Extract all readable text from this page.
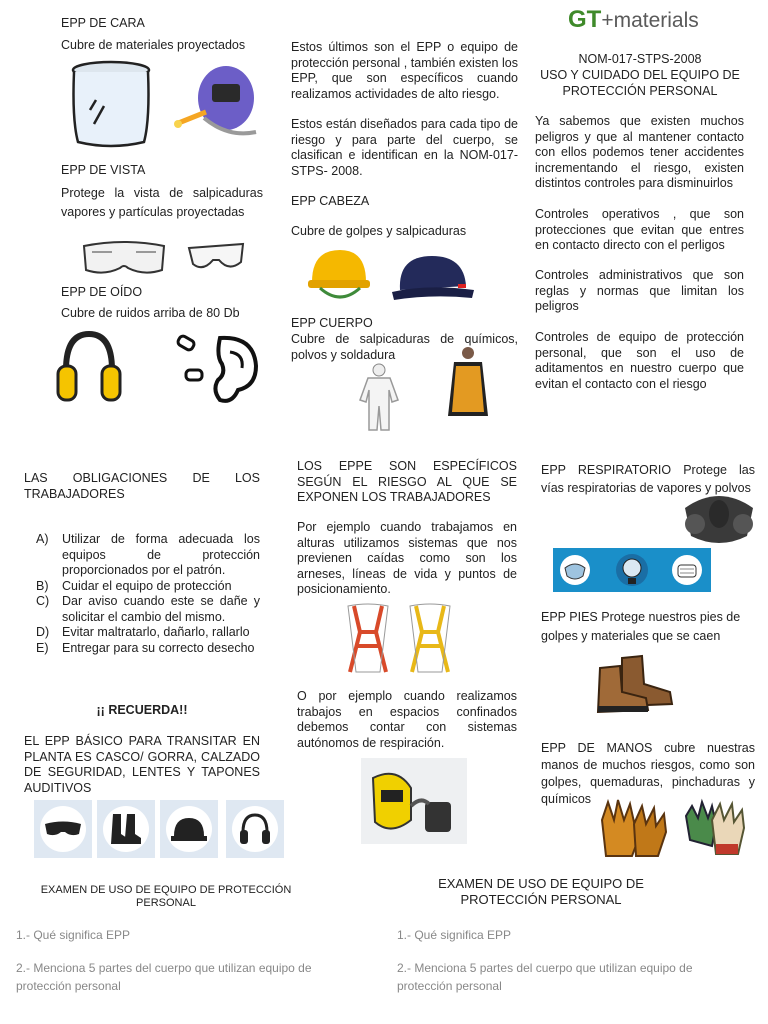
GT+materials
EPP DE CARA
Cubre de materiales proyectados
EPP DE VISTA
Protege la vista de salpicaduras vapores y partículas proyectadas
EPP DE OÍDO
Cubre de ruidos arriba de 80 Db
Estos últimos son el EPP o equipo de protección personal , también existen los EPP, que son específicos cuando realizamos actividades de alto riesgo.
Estos están diseñados para cada tipo de riesgo y para parte del cuerpo, se clasifican e identifican en la NOM-017-STPS- 2008.
EPP CABEZA
Cubre de golpes y salpicaduras
EPP CUERPO
Cubre de salpicaduras de químicos, polvos y soldadura
NOM-017-STPS-2008
USO Y CUIDADO DEL EQUIPO DE PROTECCIÓN PERSONAL
Ya sabemos que existen muchos peligros y que al mantener contacto con ellos podemos tener accidentes incrementando el riesgo, existen distintos controles para disminuirlos
Controles operativos , que son protecciones que evitan que entres en contacto directo con el perligos
Controles administrativos que son reglas y normas que limitan los peligros
Controles de equipo de protección personal, que son el uso de aditamentos en nuestro cuerpo que evitan el contacto con el riesgo
LAS OBLIGACIONES DE LOS TRABAJADORES
A) Utilizar de forma adecuada los equipos de protección proporcionados por el patrón.
B) Cuidar el equipo de protección
C) Dar aviso cuando este se dañe y solicitar el cambio del mismo.
D) Evitar maltratarlo, dañarlo, rallarlo
E) Entregar para su correcto desecho
¡¡ RECUERDA!!
EL EPP BÁSICO PARA TRANSITAR EN PLANTA ES CASCO/ GORRA, CALZADO DE SEGURIDAD, LENTES Y TAPONES AUDITIVOS
EXAMEN DE USO DE EQUIPO DE PROTECCIÓN PERSONAL
1.- Qué significa EPP
2.- Menciona 5 partes del cuerpo que utilizan equipo de protección personal
LOS EPPE SON ESPECÍFICOS SEGÚN EL RIESGO AL QUE SE EXPONEN LOS TRABAJADORES
Por ejemplo cuando trabajamos en alturas utilizamos sistemas que nos previenen caídas como son los arneses, líneas de vida y puntos de posicionamiento.
O por ejemplo cuando realizamos trabajos en espacios confinados debemos contar con sistemas autónomos de respiración.
EXAMEN DE USO DE EQUIPO DE PROTECCIÓN PERSONAL
1.- Qué significa EPP
2.- Menciona 5 partes del cuerpo que utilizan equipo de protección personal
EPP RESPIRATORIO Protege las vías respiratorias de vapores y polvos
EPP PIES Protege nuestros pies de golpes y materiales que se caen
EPP DE MANOS cubre nuestras manos de muchos riesgos, como son golpes, quemaduras, pinchaduras y químicos
